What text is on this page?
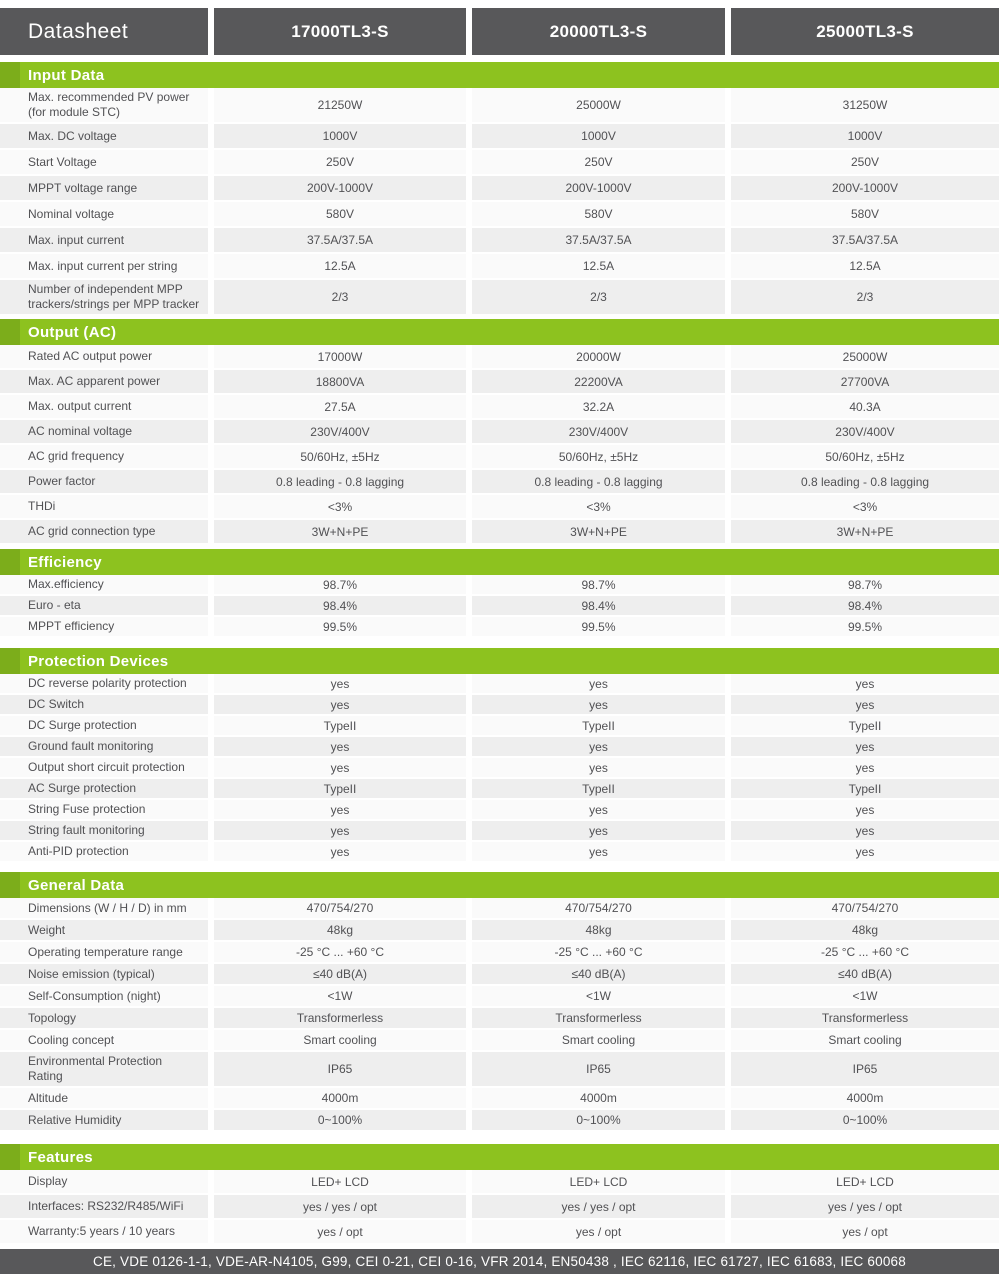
Datasheet	17000TL3-S	20000TL3-S	25000TL3-S
Input Data
Max. recommended PV power (for module STC)	21250W	25000W	31250W
Max. DC voltage	1000V	1000V	1000V
Start Voltage	250V	250V	250V
MPPT voltage range	200V-1000V	200V-1000V	200V-1000V
Nominal voltage	580V	580V	580V
Max. input current	37.5A/37.5A	37.5A/37.5A	37.5A/37.5A
Max. input current per string	12.5A	12.5A	12.5A
Number of independent MPP trackers/strings per MPP tracker	2/3	2/3	2/3
Output (AC)
Rated AC output power	17000W	20000W	25000W
Max. AC apparent power	18800VA	22200VA	27700VA
Max. output current	27.5A	32.2A	40.3A
AC nominal voltage	230V/400V	230V/400V	230V/400V
AC grid frequency	50/60Hz, ±5Hz	50/60Hz, ±5Hz	50/60Hz, ±5Hz
Power factor	0.8 leading - 0.8 lagging	0.8 leading - 0.8 lagging	0.8 leading - 0.8 lagging
THDi	<3%	<3%	<3%
AC grid connection type	3W+N+PE	3W+N+PE	3W+N+PE
Efficiency
Max.efficiency	98.7%	98.7%	98.7%
Euro - eta	98.4%	98.4%	98.4%
MPPT efficiency	99.5%	99.5%	99.5%
Protection Devices
DC reverse polarity protection	yes	yes	yes
DC Switch	yes	yes	yes
DC Surge protection	TypeII	TypeII	TypeII
Ground fault monitoring	yes	yes	yes
Output short circuit protection	yes	yes	yes
AC Surge protection	TypeII	TypeII	TypeII
String Fuse protection	yes	yes	yes
String fault monitoring	yes	yes	yes
Anti-PID protection	yes	yes	yes
General Data
Dimensions (W / H / D) in mm	470/754/270	470/754/270	470/754/270
Weight	48kg	48kg	48kg
Operating temperature range	-25 °C ... +60 °C	-25 °C ... +60 °C	-25 °C ... +60 °C
Noise emission (typical)	≤40 dB(A)	≤40 dB(A)	≤40 dB(A)
Self-Consumption (night)	<1W	<1W	<1W
Topology	Transformerless	Transformerless	Transformerless
Cooling concept	Smart cooling	Smart cooling	Smart cooling
Environmental Protection Rating	IP65	IP65	IP65
Altitude	4000m	4000m	4000m
Relative Humidity	0~100%	0~100%	0~100%
Features
Display	LED+ LCD	LED+ LCD	LED+ LCD
Interfaces: RS232/R485/WiFi	yes / yes / opt	yes / yes / opt	yes / yes / opt
Warranty:5 years / 10 years	yes / opt	yes / opt	yes / opt
CE, VDE 0126-1-1, VDE-AR-N4105, G99, CEI 0-21, CEI 0-16, VFR 2014, EN50438 , IEC 62116, IEC 61727, IEC 61683, IEC 60068
